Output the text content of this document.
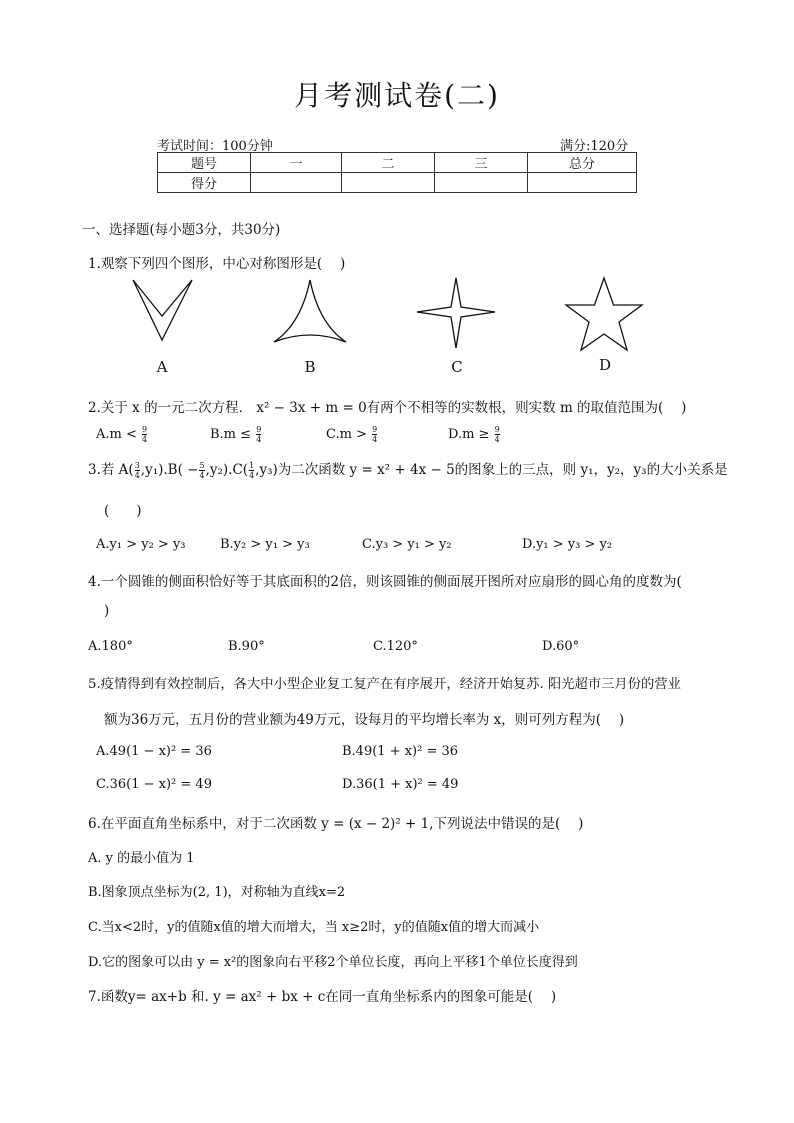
月考测试卷(二)
考试时间：100分钟	满分:120分
题号	一	二	三	总分
得分				
一、选择题(每小题3分，共30分)
1.观察下列四个图形，中心对称图形是(　 )
A	B	C	D
2.关于 x 的一元二次方程． x² − 3x + m = 0有两个不相等的实数根，则实数 m 的取值范围为(　 )
$A.m < \frac{9}{4}$	$B.m \le \frac{9}{4}$	$C.m > \frac{9}{4}$	$D.m \ge \frac{9}{4}$
3.若 $A( \frac{3}{4} ,y_1).B( - \frac{5}{4} ,y_2).C( \frac{1}{4} ,y_3)$为二次函数 y = x² + 4x − 5的图象上的三点，则 y₁，y₂，y₃的大小关系是
(　　)
A.y₁ > y₂ > y₃	B.y₂ > y₁ > y₃	C.y₃ > y₁ > y₂	D.y₁ > y₃ > y₂
4.一个圆锥的侧面积恰好等于其底面积的2倍，则该圆锥的侧面展开图所对应扇形的圆心角的度数为(
)
A.180°	B.90°	C.120°	D.60°
5.疫情得到有效控制后，各大中小型企业复工复产在有序展开，经济开始复苏. 阳光超市三月份的营业
额为36万元，五月份的营业额为49万元，设每月的平均增长率为 x，则可列方程为(　 )
A.49(1 − x)² = 36	B.49(1 + x)² = 36
C.36(1 − x)² = 49	D.36(1 + x)² = 49
6.在平面直角坐标系中，对于二次函数 y = (x − 2)² + 1,下列说法中错误的是(　 )
A. y 的最小值为 1
B.图象顶点坐标为(2, 1)，对称轴为直线x=2
C.当x<2时，y的值随x值的增大而增大，当 x≥2时，y的值随x值的增大而减小
D.它的图象可以由 y = x²的图象向右平移2个单位长度，再向上平移1个单位长度得到
7.函数y= ax+b 和. y = ax² + bx + c在同一直角坐标系内的图象可能是(　 )
